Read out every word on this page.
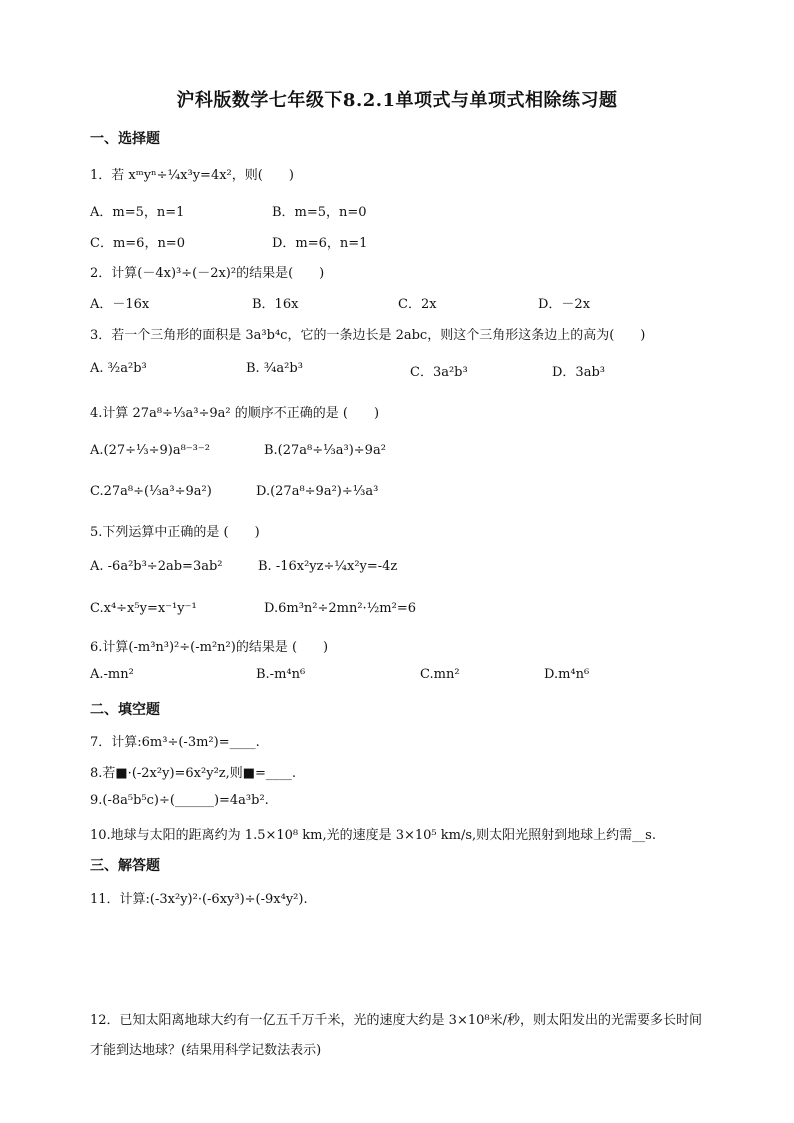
沪科版数学七年级下8.2.1单项式与单项式相除练习题
一、选择题
1．若 xᵐyⁿ÷¼x³y=4x²，则(　　)
A．m=5，n=1	B．m=5，n=0
C．m=6，n=0	D．m=6，n=1
2．计算(－4x)³÷(－2x)²的结果是(　　)
A．－16x	B．16x	C．2x	D．－2x
3．若一个三角形的面积是 3a³b⁴c，它的一条边长是 2abc，则这个三角形这条边上的高为(　　)
A. ³⁄₂a²b³	B. ³⁄₄a²b³	C．3a²b³	D．3ab³
4.计算 27a⁸÷⅓a³÷9a² 的顺序不正确的是 (　　)
A.(27÷⅓÷9)a⁸⁻³⁻²	B.(27a⁸÷⅓a³)÷9a²
C.27a⁸÷(⅓a³÷9a²)	D.(27a⁸÷9a²)÷⅓a³
5.下列运算中正确的是 (　　)
A. -6a²b³÷2ab=3ab²	B. -16x²yz÷¼x²y=-4z
C.x⁴÷x⁵y=x⁻¹y⁻¹	D.6m³n²÷2mn²·½m²=6
6.计算(-m³n³)²÷(-m²n²)的结果是 (　　)
A.-mn²	B.-m⁴n⁶	C.mn²	D.m⁴n⁶
二、填空题
7．计算:6m³÷(-3m²)=____.
8.若■·(-2x²y)=6x²y²z,则■=____.
9.(-8a⁵b⁵c)÷(______)=4a³b².
10.地球与太阳的距离约为 1.5×10⁸ km,光的速度是 3×10⁵ km/s,则太阳光照射到地球上约需__s.
三、解答题
11．计算:(-3x²y)²·(-6xy³)÷(-9x⁴y²).
12．已知太阳离地球大约有一亿五千万千米，光的速度大约是 3×10⁸米/秒，则太阳发出的光需要多长时间才能到达地球？(结果用科学记数法表示)
